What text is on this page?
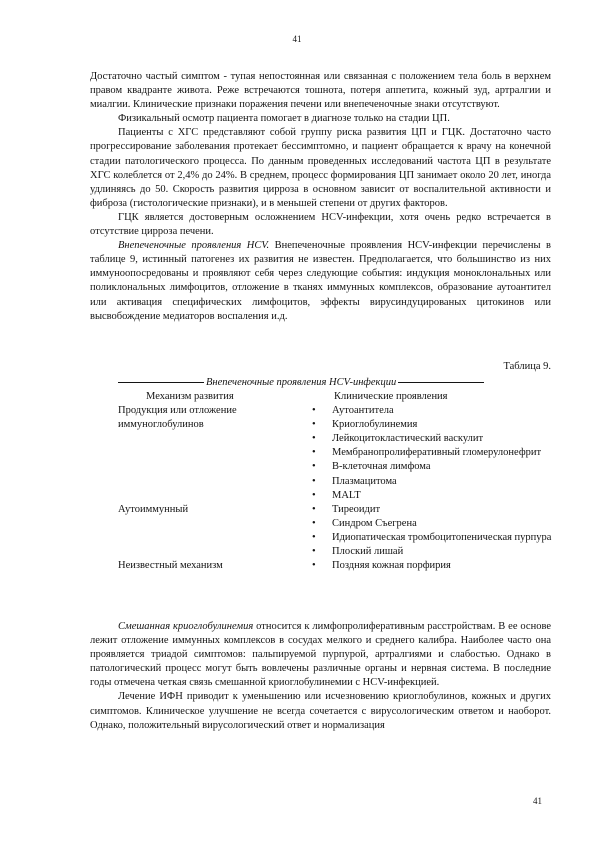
41

Достаточно частый симптом - тупая непостоянная или связанная с положением тела боль в верхнем правом квадранте живота. Реже встречаются тошнота, потеря аппетита, кожный зуд, артралгии и миалгии. Клинические признаки поражения печени или внепеченочные знаки отсутствуют.

Физикальный осмотр пациента помогает в диагнозе только на стадии ЦП.

Пациенты с ХГС представляют собой группу риска развития ЦП и ГЦК. Достаточно часто прогрессирование заболевания протекает бессимптомно, и пациент обращается к врачу на конечной стадии патологического процесса. По данным проведенных исследований частота ЦП в результате ХГС колеблется от 2,4% до 24%. В среднем, процесс формирования ЦП занимает около 20 лет, иногда удлиняясь до 50. Скорость развития цирроза в основном зависит от воспалительной активности и фиброза (гистологические признаки), и в меньшей степени от других факторов.

ГЦК является достоверным осложнением HCV-инфекции, хотя очень редко встречается в отсутствие цирроза печени.

Внепеченочные проявления HCV. Внепеченочные проявления HCV-инфекции перечислены в таблице 9, истинный патогенез их развития не известен. Предполагается, что большинство из них иммуноопосредованы и проявляют себя через следующие события: индукция моноклональных или поликлональных лимфоцитов, отложение в тканях иммунных комплексов, образование аутоантител или активация специфических лимфоцитов, эффекты вирусиндуцированых цитокинов или высвобождение медиаторов воспаления и.д.

Таблица 9.
Внепеченочные проявления HCV-инфекции
Механизм развития	Клинические проявления
Продукция или отложение иммуноглобулинов
• Аутоантитела
• Криоглобулинемия
• Лейкоцитокластический васкулит
• Мембранопролиферативный гломерулонефрит
• В-клеточная лимфома
• Плазмацитома
• MALT
Аутоиммунный	• Тиреоидит
• Синдром Съегрена
• Идиопатическая тромбоцитопеническая пурпура
• Плоский лишай
Неизвестный механизм	• Поздняя кожная порфирия

Смешанная криоглобулинемия относится к лимфопролиферативным расстройствам. В ее основе лежит отложение иммунных комплексов в сосудах мелкого и среднего калибра. Наиболее часто она проявляется триадой симптомов: пальпируемой пурпурой, артралгиями и слабостью. Однако в патологический процесс могут быть вовлечены различные органы и нервная система. В последние годы отмечена четкая связь смешанной криоглобулинемии с HCV-инфекцией.

Лечение ИФН приводит к уменьшению или исчезновению криоглобулинов, кожных и других симптомов. Клиническое улучшение не всегда сочетается с вирусологическим ответом и наоборот. Однако, положительный вирусологический ответ и нормализация

41
